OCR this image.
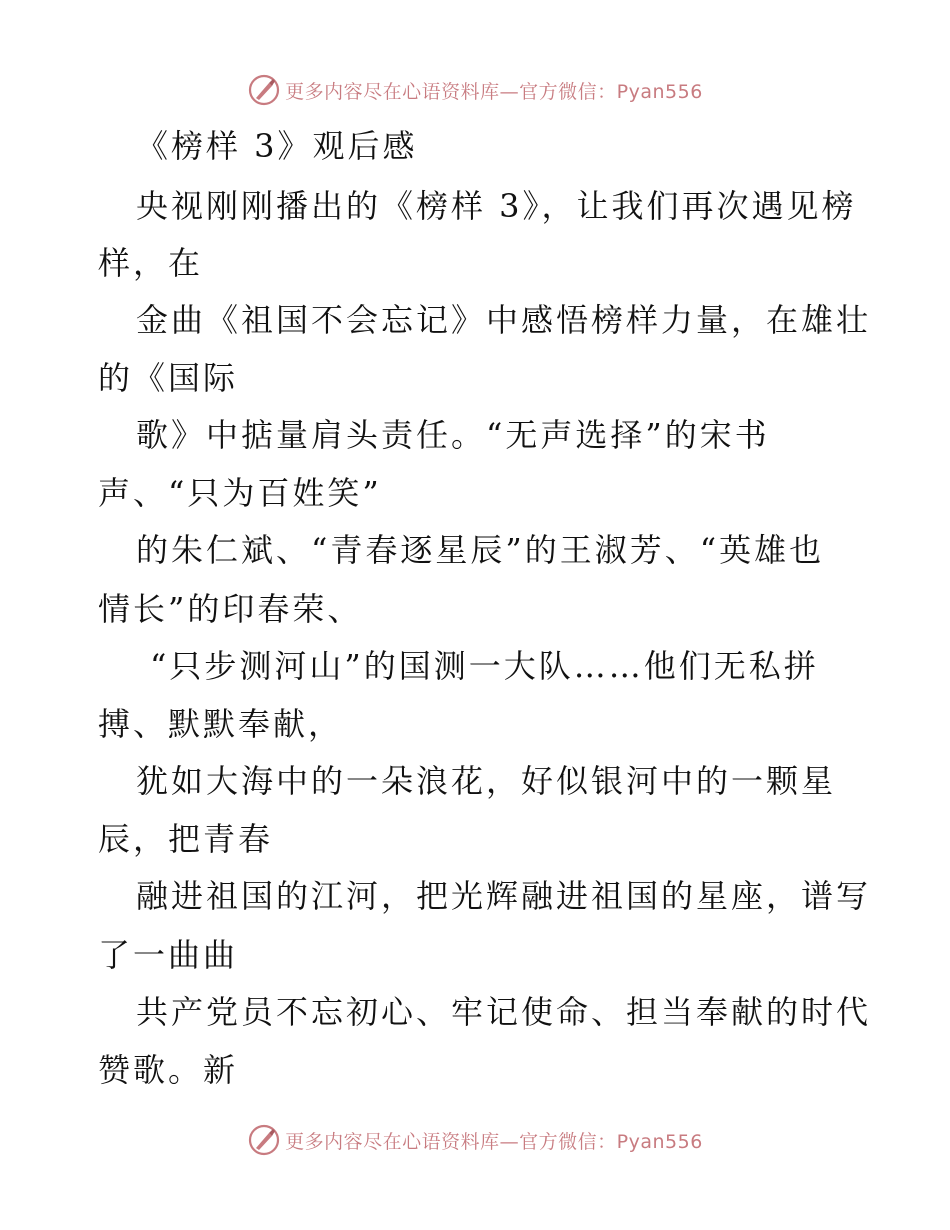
更多内容尽在心语资料库—官方微信：Pyan556
《榜样 3》观后感
央视刚刚播出的《榜样 3》，让我们再次遇见榜
样，在
金曲《祖国不会忘记》中感悟榜样力量，在雄壮
的《国际
歌》中掂量肩头责任。“无声选择”的宋书
声、“只为百姓笑”
的朱仁斌、“青春逐星辰”的王淑芳、“英雄也
情长”的印春荣、
“只步测河山”的国测一大队……他们无私拼
搏、默默奉献，
犹如大海中的一朵浪花，好似银河中的一颗星
辰，把青春
融进祖国的江河，把光辉融进祖国的星座，谱写
了一曲曲
共产党员不忘初心、牢记使命、担当奉献的时代
赞歌。新
更多内容尽在心语资料库—官方微信：Pyan556
